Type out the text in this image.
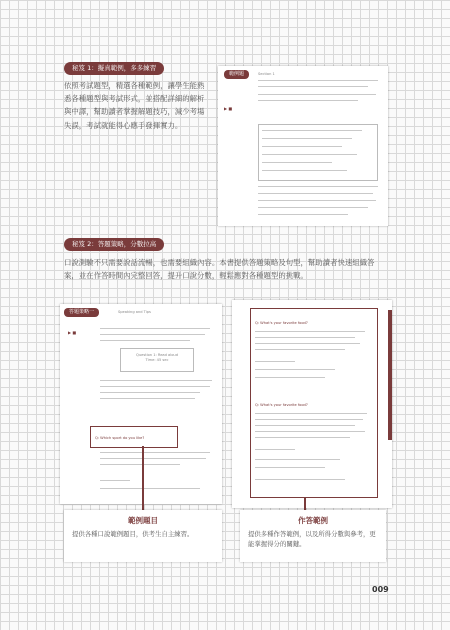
秘笈 1：擬真範例，多多練習
依照考試題型，精選各種範例，讓學生能熟悉各種題型與考試形式，並搭配詳細的解析與中譯，幫助讀者掌握解題技巧，減少考場失誤，考試就能得心應手發揮實力。
範例題	Section 1
▶ ■
秘笈 2：答題策略，分數拉高
口說測驗不只需要說話流暢，也需要組織內容。本書提供答題策略及句型，幫助讀者快速組織答案，並在作答時間內完整回答，提升口說分數，輕鬆應對各種題型的挑戰。
答題策略一	Speaking and Tips
▶ ■
Question 1: Read aloud
Time: 45 sec
Q: Which sport do you like?
Q: What's your favorite food?
Q: What's your favorite food?
範例題目
提供各種口說範例題目，供考生自主練習。
作答範例
提供多種作答範例，以及所得分數與參考，更能掌握得分的關鍵。
009
